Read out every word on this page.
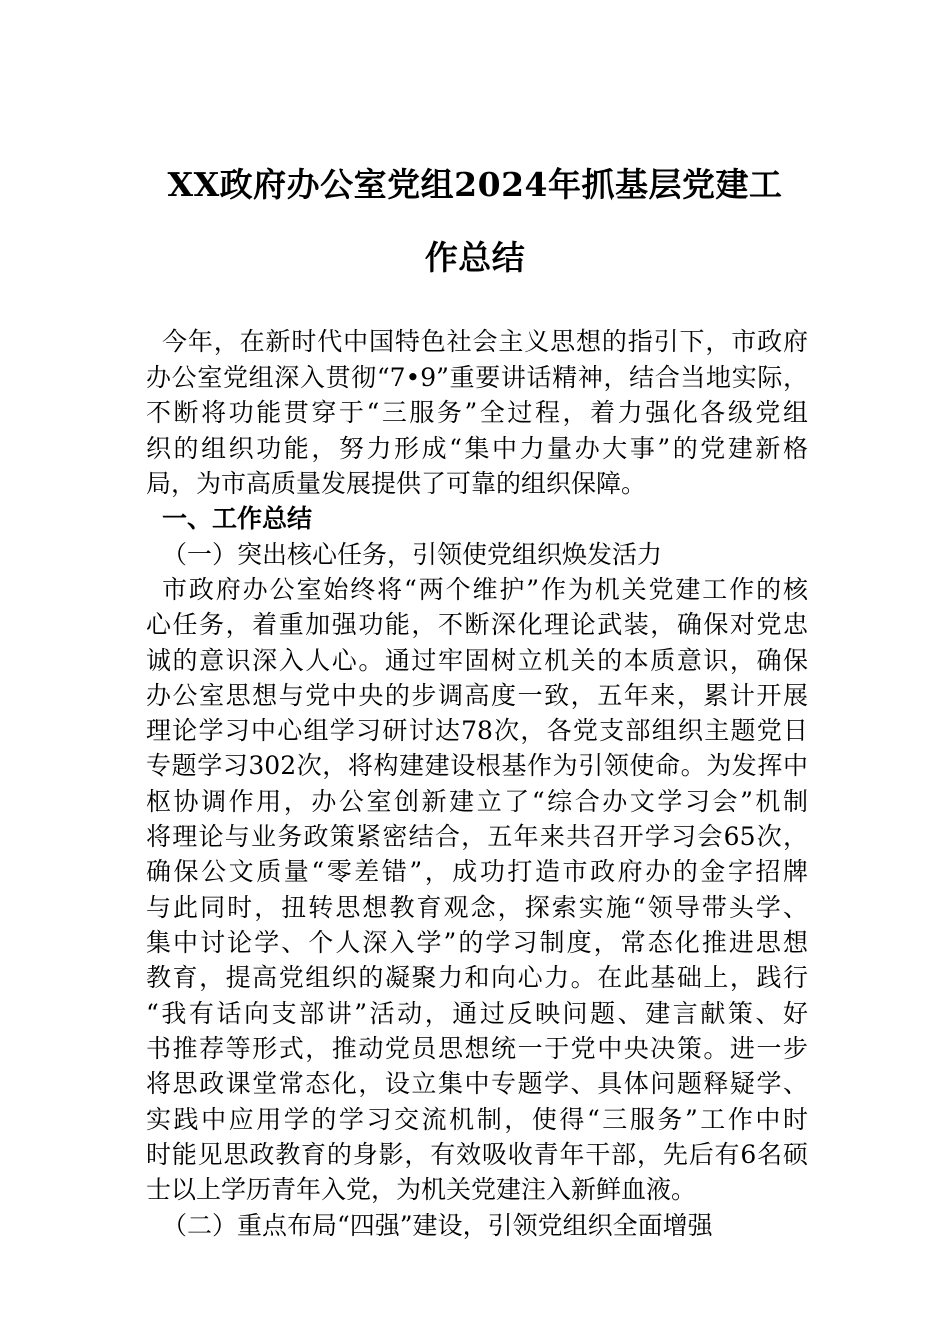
XX政府办公室党组2024年抓基层党建工
作总结
今年，在新时代中国特色社会主义思想的指引下，市政府
办公室党组深入贯彻“7•9”重要讲话精神，结合当地实际，
不断将功能贯穿于“三服务”全过程，着力强化各级党组
织的组织功能，努力形成“集中力量办大事”的党建新格
局，为市高质量发展提供了可靠的组织保障。
一、工作总结
（一）突出核心任务，引领使党组织焕发活力
市政府办公室始终将“两个维护”作为机关党建工作的核
心任务，着重加强功能，不断深化理论武装，确保对党忠
诚的意识深入人心。通过牢固树立机关的本质意识，确保
办公室思想与党中央的步调高度一致，五年来，累计开展
理论学习中心组学习研讨达78次，各党支部组织主题党日
专题学习302次，将构建建设根基作为引领使命。为发挥中
枢协调作用，办公室创新建立了“综合办文学习会”机制
将理论与业务政策紧密结合，五年来共召开学习会65次，
确保公文质量“零差错”，成功打造市政府办的金字招牌
与此同时，扭转思想教育观念，探索实施“领导带头学、
集中讨论学、个人深入学”的学习制度，常态化推进思想
教育，提高党组织的凝聚力和向心力。在此基础上，践行
“我有话向支部讲”活动，通过反映问题、建言献策、好
书推荐等形式，推动党员思想统一于党中央决策。进一步
将思政课堂常态化，设立集中专题学、具体问题释疑学、
实践中应用学的学习交流机制，使得“三服务”工作中时
时能见思政教育的身影，有效吸收青年干部，先后有6名硕
士以上学历青年入党，为机关党建注入新鲜血液。
（二）重点布局“四强”建设，引领党组织全面增强
